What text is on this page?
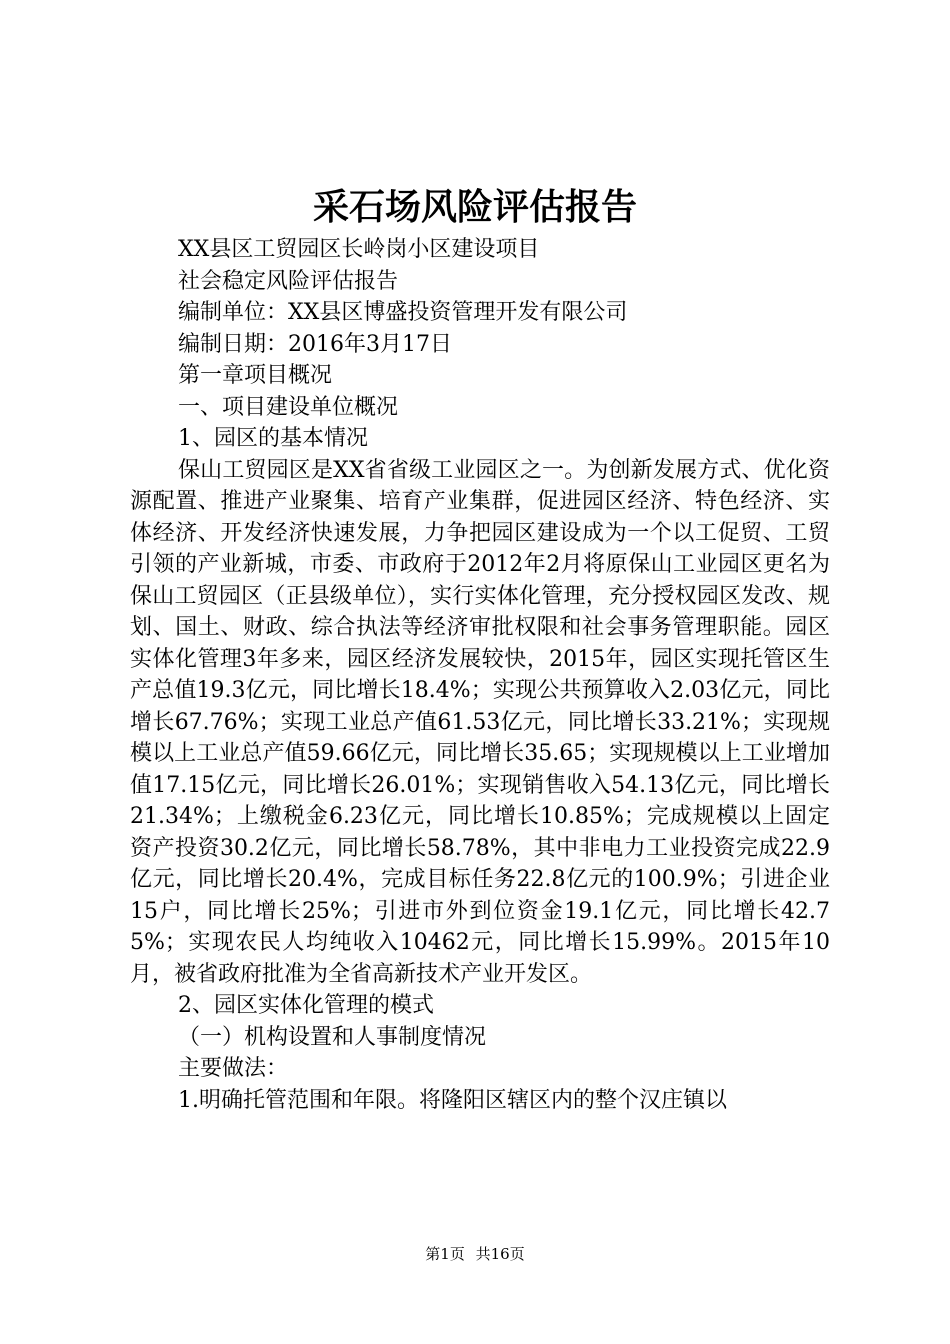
采石场风险评估报告
XX县区工贸园区长岭岗小区建设项目
社会稳定风险评估报告
编制单位：XX县区博盛投资管理开发有限公司
编制日期：2016年3月17日
第一章项目概况
一、项目建设单位概况
1、园区的基本情况

保山工贸园区是XX省省级工业园区之一。为创新发展方式、优化资源配置、推进产业聚集、培育产业集群，促进园区经济、特色经济、实体经济、开发经济快速发展，力争把园区建设成为一个以工促贸、工贸引领的产业新城，市委、市政府于2012年2月将原保山工业园区更名为保山工贸园区（正县级单位），实行实体化管理，充分授权园区发改、规划、国土、财政、综合执法等经济审批权限和社会事务管理职能。园区实体化管理3年多来，园区经济发展较快，2015年，园区实现托管区生产总值19.3亿元，同比增长18.4%；实现公共预算收入2.03亿元，同比增长67.76%；实现工业总产值61.53亿元，同比增长33.21%；实现规模以上工业总产值59.66亿元，同比增长35.65；实现规模以上工业增加值17.15亿元，同比增长26.01%；实现销售收入54.13亿元，同比增长21.34%；上缴税金6.23亿元，同比增长10.85%；完成规模以上固定资产投资30.2亿元，同比增长58.78%，其中非电力工业投资完成22.9亿元，同比增长20.4%，完成目标任务22.8亿元的100.9%；引进企业15户，同比增长25%；引进市外到位资金19.1亿元，同比增长42.75%；实现农民人均纯收入10462元，同比增长15.99%。2015年10月，被省政府批准为全省高新技术产业开发区。

2、园区实体化管理的模式
（一）机构设置和人事制度情况
主要做法：
1.明确托管范围和年限。将隆阳区辖区内的整个汉庄镇以
第1页 共16页
